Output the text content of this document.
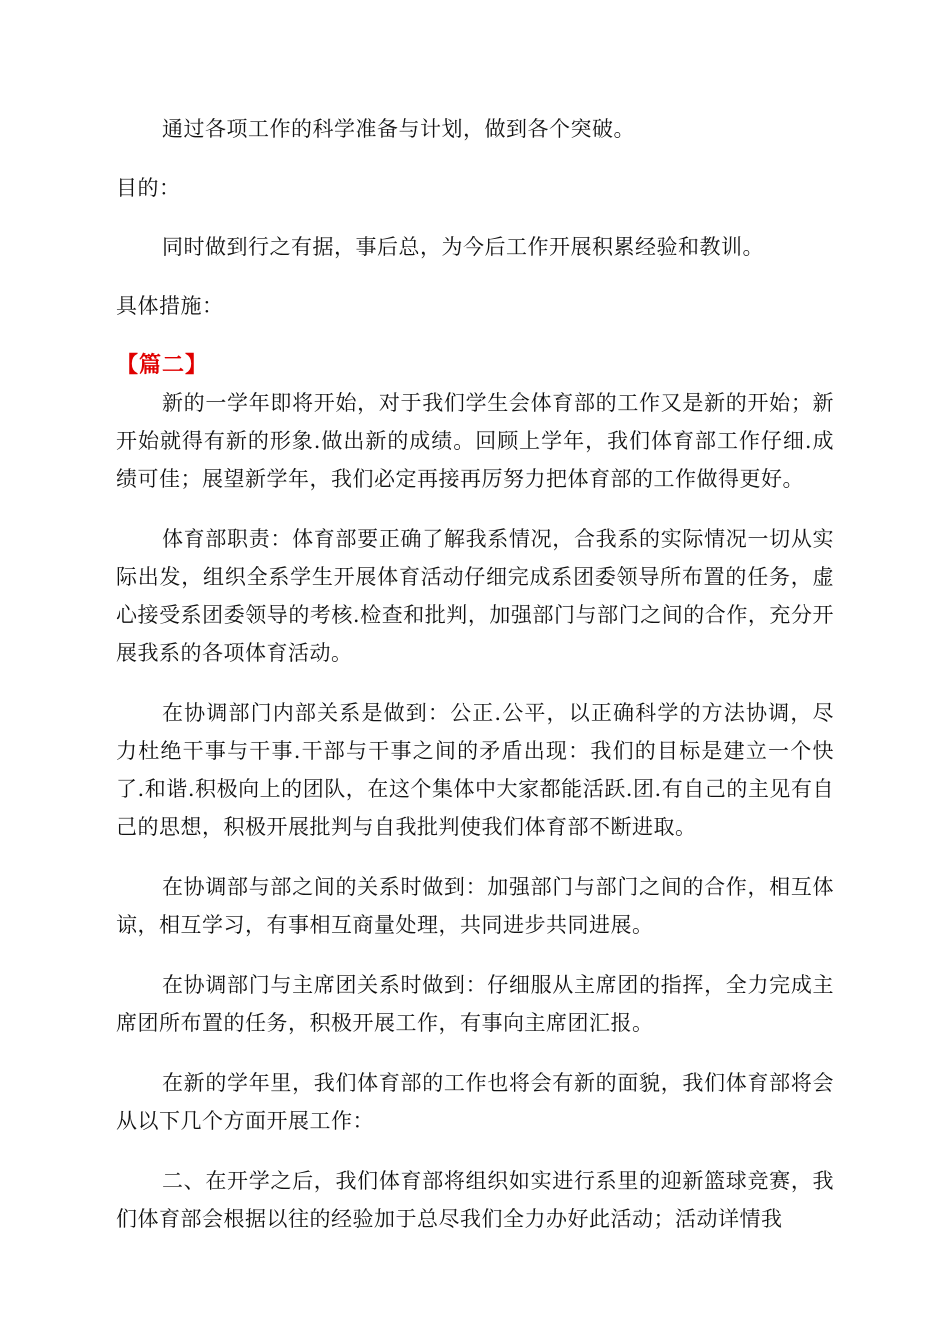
通过各项工作的科学准备与计划，做到各个突破。

目的：

同时做到行之有据，事后总，为今后工作开展积累经验和教训。

具体措施：

【篇二】

新的一学年即将开始，对于我们学生会体育部的工作又是新的开始；新开始就得有新的形象.做出新的成绩。回顾上学年，我们体育部工作仔细.成绩可佳；展望新学年，我们必定再接再厉努力把体育部的工作做得更好。

体育部职责：体育部要正确了解我系情况，合我系的实际情况一切从实际出发，组织全系学生开展体育活动仔细完成系团委领导所布置的任务，虚心接受系团委领导的考核.检查和批判，加强部门与部门之间的合作，充分开展我系的各项体育活动。

在协调部门内部关系是做到：公正.公平，以正确科学的方法协调，尽力杜绝干事与干事.干部与干事之间的矛盾出现：我们的目标是建立一个快了.和谐.积极向上的团队，在这个集体中大家都能活跃.团.有自己的主见有自己的思想，积极开展批判与自我批判使我们体育部不断进取。

在协调部与部之间的关系时做到：加强部门与部门之间的合作，相互体谅，相互学习，有事相互商量处理，共同进步共同进展。

在协调部门与主席团关系时做到：仔细服从主席团的指挥，全力完成主席团所布置的任务，积极开展工作，有事向主席团汇报。

在新的学年里，我们体育部的工作也将会有新的面貌，我们体育部将会从以下几个方面开展工作：

二、在开学之后，我们体育部将组织如实进行系里的迎新篮球竞赛，我们体育部会根据以往的经验加于总尽我们全力办好此活动；活动详情我
